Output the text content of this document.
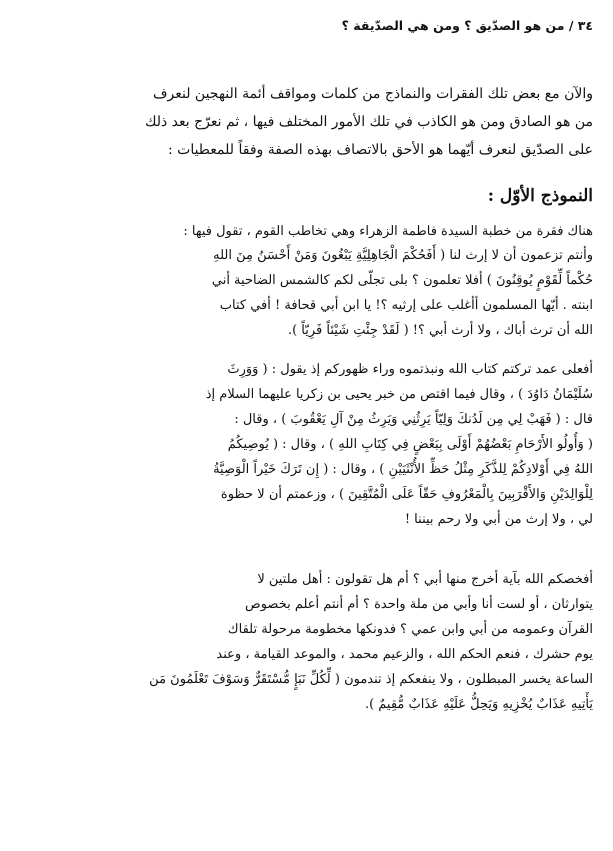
٣٤ / من هو الصدّيق ؟ ومن هي الصدّيقة ؟
والآن مع بعض تلك الفقرات والنماذج من كلمات ومواقف أئمة النهجين لنعرف
من هو الصادق ومن هو الكاذب في تلك الأمور المختلف فيها ، ثم نعرّج بعد ذلك
على الصدّيق لنعرف أيّهما هو الأحق بالاتصاف بهذه الصفة وفقاً للمعطيات :
النموذج الأوّل :
هناك فقرة من خطبة السيدة فاطمة الزهراء وهي تخاطب القوم ، تقول فيها :
وأنتم تزعمون أن لا إرث لنا ( أَفَحُكْمَ الْجَاهِلِيَّةِ يَبْغُونَ وَمَنْ أَحْسَنُ مِنَ اللهِ
حُكْماً لِّقَوْمٍ يُوقِنُونَ ) أفلا تعلمون ؟ بلى تجلّى لكم كالشمس الضاحية أني
ابنته . أيّها المسلمون أأغلب على إرثيه ؟! يا ابن أبي قحافة ! أفي كتاب
الله أن ترث أباك ، ولا أرث أبي ؟! ( لَقَدْ جِئْتِ شَيْئاً فَرِيّاً ).
أفعلى عمد تركتم كتاب الله ونبذتموه وراء ظهوركم إذ يقول : ( وَوَرِثَ
سُلَيْمَانُ دَاوُدَ ) ، وقال فيما اقتص من خبر يحيى بن زكريا عليهما السلام إذ
قال : ( فَهَبْ لِي مِن لَدُنكَ وَلِيّاً يَرِثُنِي وَيَرِثُ مِنْ آلِ يَعْقُوبَ ) ، وقال :
( وَأُولُو الأَرْحَامِ بَعْضُهُمْ أَوْلَى بِبَعْضٍ فِي كِتَابِ اللهِ ) ، وقال : ( يُوصِيكُمُ
اللهُ فِي أَوْلادِكُمْ لِلذَّكَرِ مِثْلُ حَظِّ الأُنْثَيَيْنِ ) ، وقال : ( إِن تَرَكَ خَيْراً الْوَصِيَّةُ
لِلْوَالِدَيْنِ وَالأَقْرَبِينَ بِالْمَعْرُوفِ حَقّاً عَلَى الْمُتَّقِينَ ) ، وزعمتم أن لا حظوة
لي ، ولا إرث من أبي ولا رحم بيننا !
أفخصكم الله بآية أخرج منها أبي ؟ أم هل تقولون : أهل ملتين لا
يتوارثان ، أو لست أنا وأبي من ملة واحدة ؟ أم أنتم أعلم بخصوص
القرآن وعمومه من أبي وابن عمي ؟ فدونكها مخطومة مرحولة تلقاك
يوم حشرك ، فنعم الحكم الله ، والزعيم محمد ، والموعد القيامة ، وعند
الساعة يخسر المبطلون ، ولا ينفعكم إذ تندمون ( لِّكُلِّ نَبَإٍ مُّسْتَقَرٌّ وَسَوْفَ تَعْلَمُونَ مَن
يَأْتِيهِ عَذَابٌ يُخْزِيهِ وَيَحِلُّ عَلَيْهِ عَذَابٌ مُّقِيمٌ ).
